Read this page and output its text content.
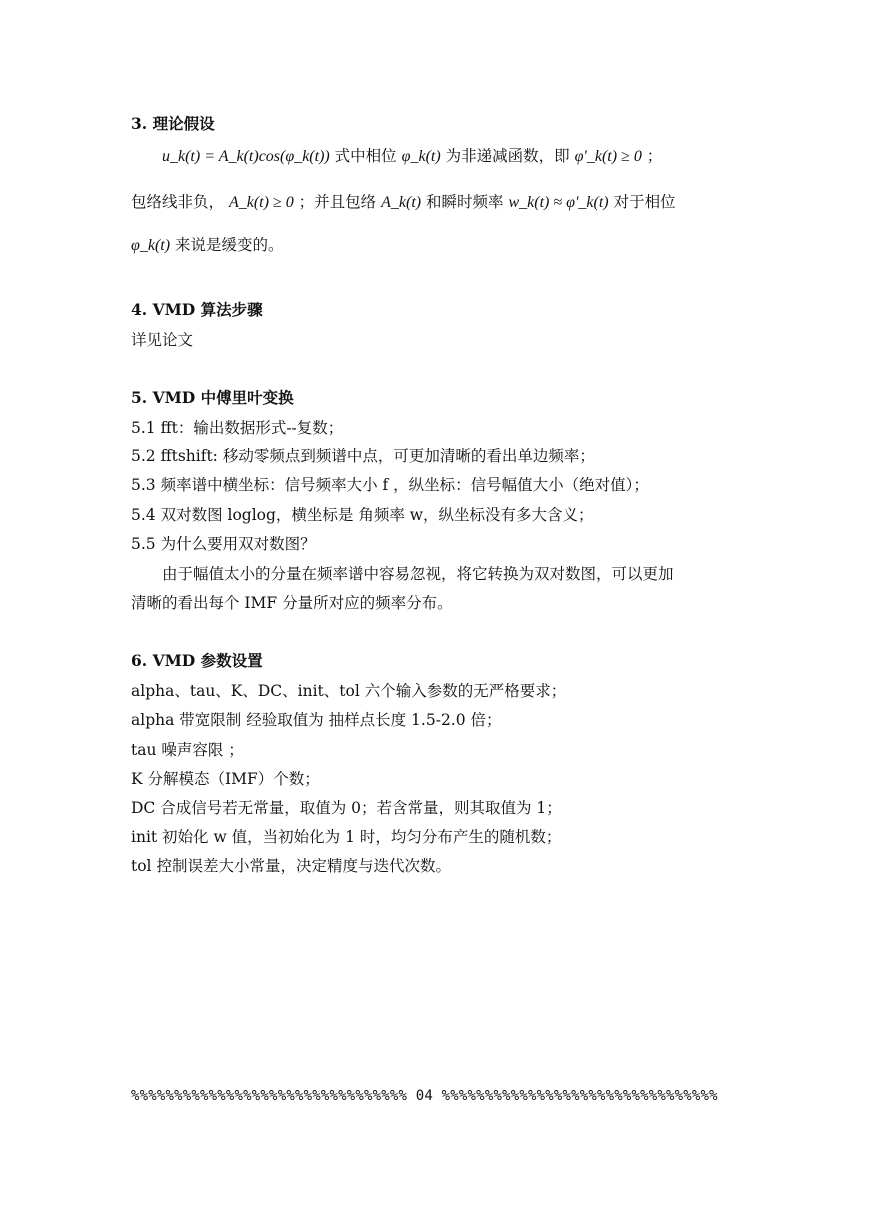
3. 理论假设
u_k(t) = A_k(t)cos(φ_k(t)) 式中相位 φ_k(t) 为非递减函数，即 φ'_k(t) ≥ 0 ；
包络线非负， A_k(t) ≥ 0 ；并且包络 A_k(t) 和瞬时频率 w_k(t) ≈ φ'_k(t) 对于相位
φ_k(t) 来说是缓变的。
4. VMD 算法步骤
详见论文
5. VMD 中傅里叶变换
5.1 fft：输出数据形式--复数；
5.2 fftshift: 移动零频点到频谱中点，可更加清晰的看出单边频率；
5.3 频率谱中横坐标：信号频率大小 f ，纵坐标：信号幅值大小（绝对值）；
5.4 双对数图 loglog，横坐标是 角频率 w，纵坐标没有多大含义；
5.5 为什么要用双对数图？
由于幅值太小的分量在频率谱中容易忽视，将它转换为双对数图，可以更加
清晰的看出每个 IMF 分量所对应的频率分布。
6. VMD 参数设置
alpha、tau、K、DC、init、tol 六个输入参数的无严格要求；
alpha 带宽限制 经验取值为 抽样点长度 1.5-2.0 倍；
tau 噪声容限 ；
K 分解模态（IMF）个数；
DC 合成信号若无常量，取值为 0；若含常量，则其取值为 1；
init 初始化 w 值，当初始化为 1 时，均匀分布产生的随机数；
tol 控制误差大小常量，决定精度与迭代次数。
%%%%%%%%%%%%%%%%%%%%%%%%%%%%%%%% 04 %%%%%%%%%%%%%%%%%%%%%%%%%%%%%%%%
